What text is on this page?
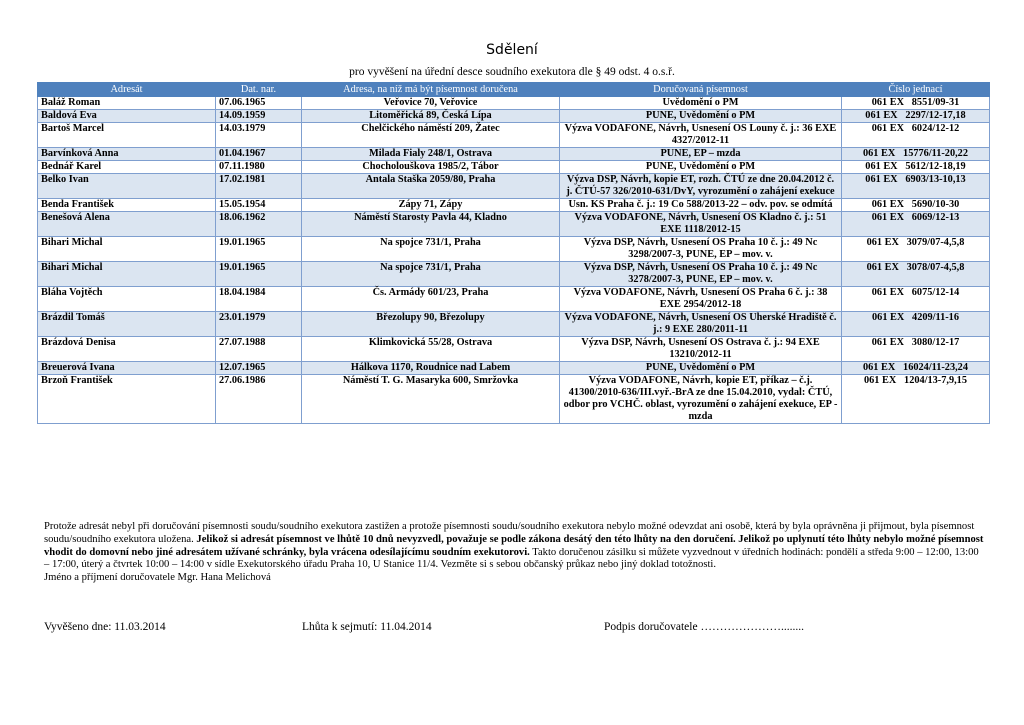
Sdělení
pro vyvěšení na úřední desce soudního exekutora dle § 49 odst. 4 o.s.ř.
Adresát	Dat. nar.	Adresa, na níž má být písemnost doručena	Doručovaná písemnost	Číslo jednací
Baláž Roman	07.06.1965	Veřovice 70, Veřovice	Uvědomění o PM	061 EX   8551/09-31
Baldová Eva	14.09.1959	Litoměřická 89, Česká Lípa	PUNE, Uvědomění o PM	061 EX   2297/12-17,18
Bartoš Marcel	14.03.1979	Chelčického náměstí 209, Žatec	Výzva VODAFONE, Návrh, Usnesení OS Louny č. j.: 36 EXE 4327/2012-11	061 EX   6024/12-12
Barvínková Anna	01.04.1967	Milada Fialy 248/1, Ostrava	PUNE, EP – mzda	061 EX   15776/11-20,22
Bednář Karel	07.11.1980	Chocholouškova 1985/2, Tábor	PUNE, Uvědomění o PM	061 EX   5612/12-18,19
Belko Ivan	17.02.1981	Antala Staška 2059/80, Praha	Výzva DSP, Návrh, kopie ET, rozh. ČTÚ ze dne 20.04.2012 č. j. ČTÚ-57 326/2010-631/DvY, vyrozumění o zahájení exekuce	061 EX   6903/13-10,13
Benda František	15.05.1954	Zápy 71, Zápy	Usn. KS Praha č. j.: 19 Co 588/2013-22 – odv. pov. se odmítá	061 EX   5690/10-30
Benešová Alena	18.06.1962	Náměstí Starosty Pavla 44, Kladno	Výzva VODAFONE, Návrh, Usnesení OS Kladno č. j.: 51 EXE 1118/2012-15	061 EX   6069/12-13
Bihari Michal	19.01.1965	Na spojce 731/1, Praha	Výzva DSP, Návrh, Usnesení OS Praha 10 č. j.: 49 Nc 3298/2007-3, PUNE, EP – mov. v.	061 EX   3079/07-4,5,8
Bihari Michal	19.01.1965	Na spojce 731/1, Praha	Výzva DSP, Návrh, Usnesení OS Praha 10 č. j.: 49 Nc 3278/2007-3, PUNE, EP – mov. v.	061 EX   3078/07-4,5,8
Bláha Vojtěch	18.04.1984	Čs. Armády 601/23, Praha	Výzva VODAFONE, Návrh, Usnesení OS Praha 6 č. j.: 38 EXE 2954/2012-18	061 EX   6075/12-14
Brázdil Tomáš	23.01.1979	Březolupy 90, Březolupy	Výzva VODAFONE, Návrh, Usnesení OS Uherské Hradiště č. j.: 9 EXE 280/2011-11	061 EX   4209/11-16
Brázdová Denisa	27.07.1988	Klimkovická 55/28, Ostrava	Výzva DSP, Návrh, Usnesení OS Ostrava č. j.: 94 EXE 13210/2012-11	061 EX   3080/12-17
Breuerová Ivana	12.07.1965	Hálkova 1170, Roudnice nad Labem	PUNE, Uvědomění o PM	061 EX   16024/11-23,24
Brzoň František	27.06.1986	Náměstí T. G. Masaryka 600, Smržovka	Výzva VODAFONE, Návrh, kopie ET, příkaz – č.j. 41300/2010-636/III.vyř.-BrA ze dne 15.04.2010, vydal: ČTÚ, odbor pro VCHČ. oblast, vyrozumění o zahájení exekuce, EP - mzda	061 EX   1204/13-7,9,15
Protože adresát nebyl při doručování písemnosti soudu/soudního exekutora zastižen a protože písemnosti soudu/soudního exekutora nebylo možné odevzdat ani osobě, která by byla oprávněna ji přijmout, byla písemnost soudu/soudního exekutora uložena. Jelikož si adresát písemnost ve lhůtě 10 dnů nevyzvedl, považuje se podle zákona desátý den této lhůty na den doručení. Jelikož po uplynutí této lhůty nebylo možné písemnost vhodit do domovní nebo jiné adresátem užívané schránky, byla vrácena odesílajícímu soudním exekutorovi. Takto doručenou zásilku si můžete vyzvednout v úředních hodinách: pondělí a středa 9:00 – 12:00, 13:00 – 17:00, úterý a čtvrtek 10:00 – 14:00 v sídle Exekutorského úřadu Praha 10, U Stanice 11/4. Vezměte si s sebou občanský průkaz nebo jiný doklad totožnosti.
Jméno a příjmení doručovatele Mgr. Hana Melichová
Vyvěšeno dne: 11.03.2014	Lhůta k sejmutí: 11.04.2014	Podpis doručovatele …………………........
